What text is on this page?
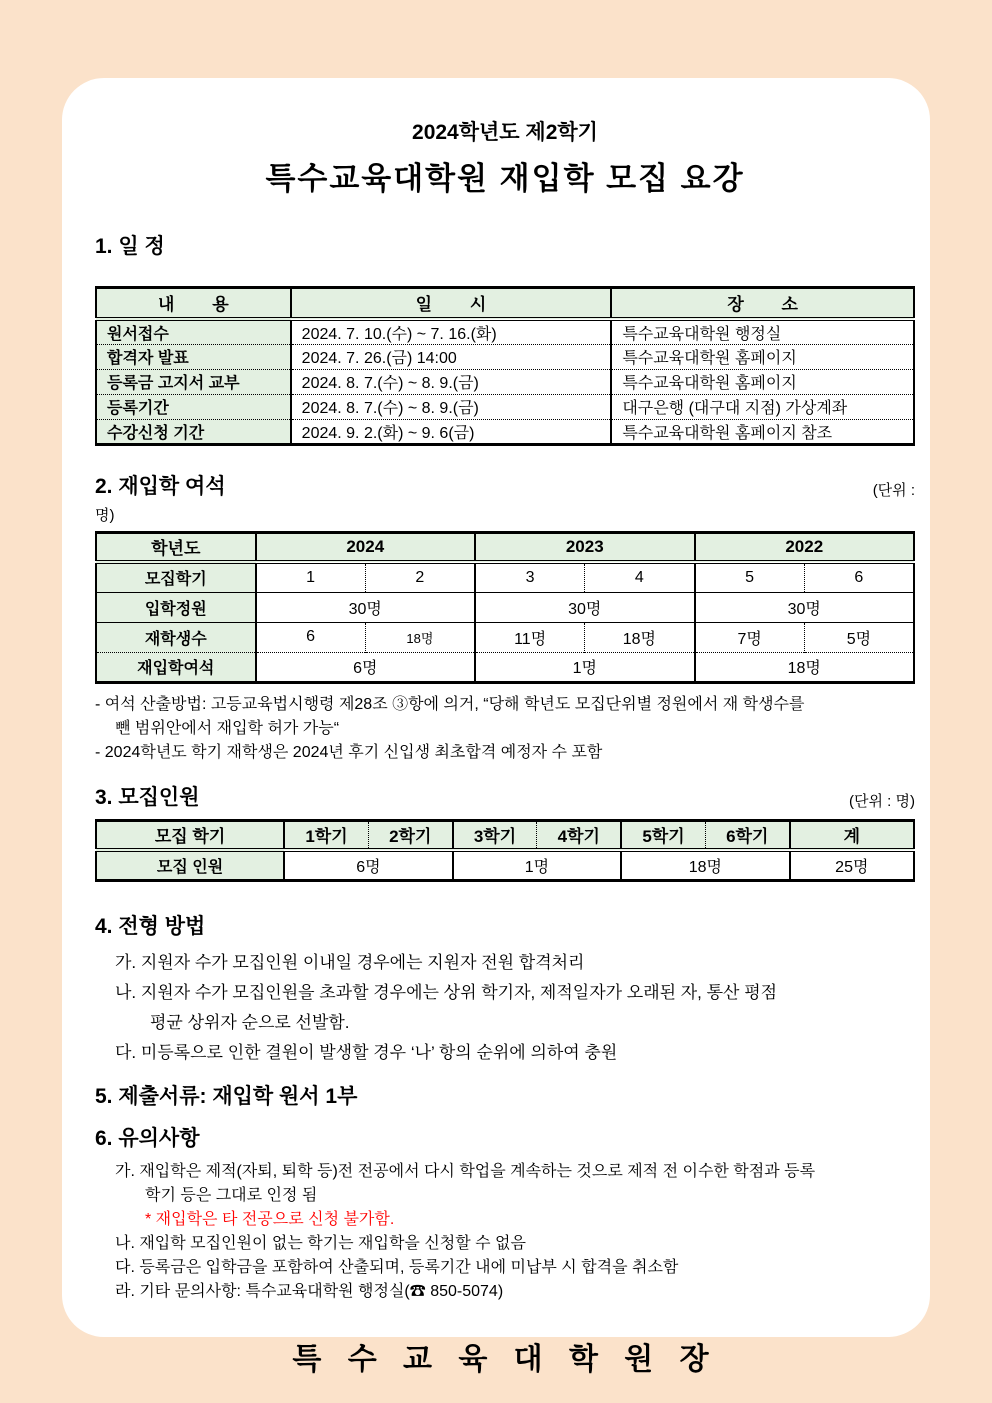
2024학년도 제2학기
특수교육대학원 재입학 모집 요강
1. 일 정
내        용	일        시	장        소
원서접수	2024. 7. 10.(수) ~ 7. 16.(화)	특수교육대학원 행정실
합격자 발표	2024. 7. 26.(금) 14:00	특수교육대학원 홈페이지
등록금 고지서 교부	2024. 8. 7.(수) ~ 8. 9.(금)	특수교육대학원 홈페이지
등록기간	2024. 8. 7.(수) ~ 8. 9.(금)	대구은행 (대구대 지점) 가상계좌
수강신청 기간	2024. 9. 2.(화) ~ 9. 6(금)	특수교육대학원 홈페이지 참조
2. 재입학 여석	(단위 :
명)
학년도	2024		2023		2022	
모집학기	1	2	3	4	5	6
입학정원	30명		30명		30명	
재학생수	6	18명	11명	18명	7명	5명
재입학여석	6명		1명		18명	
- 여석 산출방법: 고등교육법시행령 제28조 ③항에 의거, “당해 학년도 모집단위별 정원에서 재 학생수를
뺀 범위안에서 재입학 허가 가능“
- 2024학년도 학기 재학생은 2024년 후기 신입생 최초합격 예정자 수 포함
3. 모집인원	(단위 : 명)
모집 학기	1학기	2학기	3학기	4학기	5학기	6학기	계
모집 인원	6명		1명		18명		25명
4. 전형 방법
가. 지원자 수가 모집인원 이내일 경우에는 지원자 전원 합격처리
나. 지원자 수가 모집인원을 초과할 경우에는 상위 학기자, 제적일자가 오래된 자, 통산 평점
평균 상위자 순으로 선발함.
다. 미등록으로 인한 결원이 발생할 경우 ‘나’ 항의 순위에 의하여 충원
5. 제출서류: 재입학 원서 1부
6. 유의사항
가. 재입학은 제적(자퇴, 퇴학 등)전 전공에서 다시 학업을 계속하는 것으로 제적 전 이수한 학점과 등록
학기 등은 그대로 인정 됨
* 재입학은 타 전공으로 신청 불가함.
나. 재입학 모집인원이 없는 학기는 재입학을 신청할 수 없음
다. 등록금은 입학금을 포함하여 산출되며, 등록기간 내에 미납부 시 합격을 취소함
라. 기타 문의사항: 특수교육대학원 행정실(☎ 850-5074)
특 수 교 육 대 학 원 장
